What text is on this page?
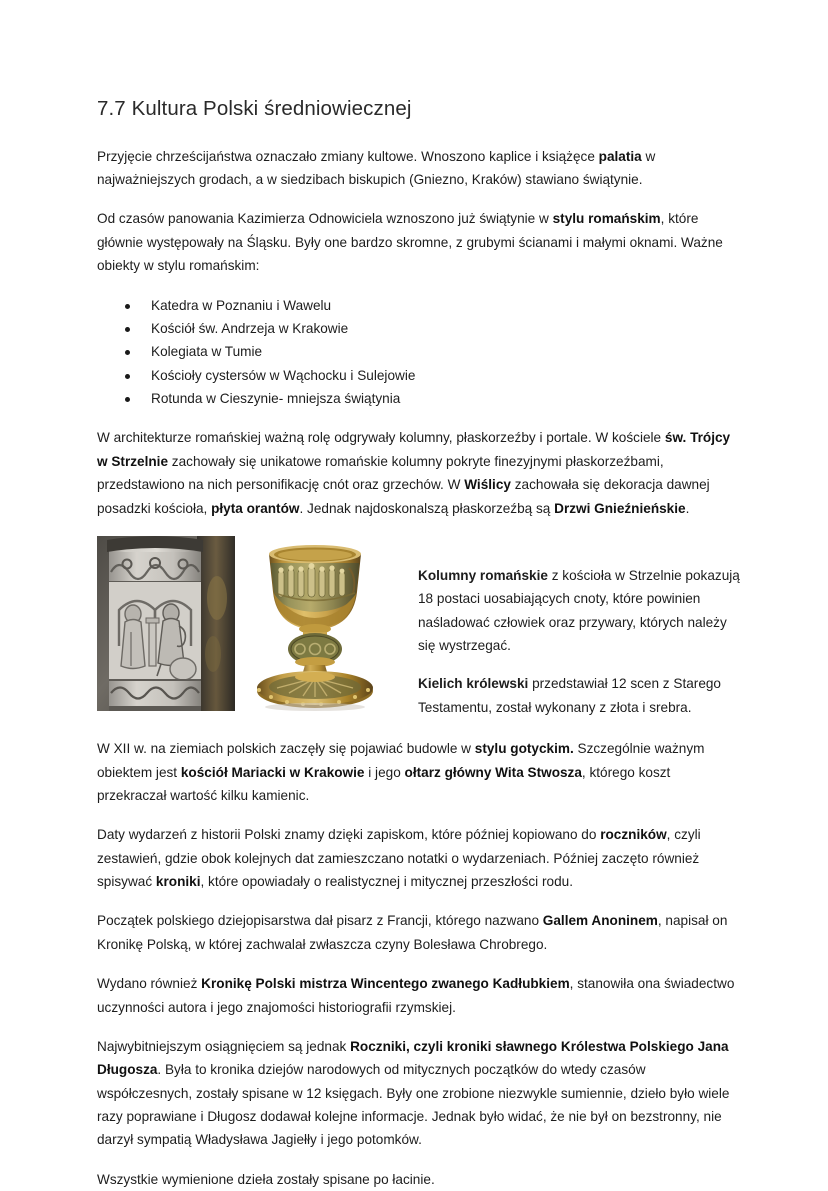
7.7 Kultura Polski średniowiecznej

Przyjęcie chrześcijaństwa oznaczało zmiany kultowe. Wnoszono kaplice i książęce palatia w najważniejszych grodach, a w siedzibach biskupich (Gniezno, Kraków) stawiano świątynie.

Od czasów panowania Kazimierza Odnowiciela wznoszono już świątynie w stylu romańskim, które głównie występowały na Śląsku. Były one bardzo skromne, z grubymi ścianami i małymi oknami. Ważne obiekty w stylu romańskim:

Katedra w Poznaniu i Wawelu
Kościół św. Andrzeja w Krakowie
Kolegiata w Tumie
Kościoły cystersów w Wąchocku i Sulejowie
Rotunda w Cieszynie- mniejsza świątynia

W architekturze romańskiej ważną rolę odgrywały kolumny, płaskorzeźby i portale. W kościele św. Trójcy w Strzelnie zachowały się unikatowe romańskie kolumny pokryte finezyjnymi płaskorzeźbami, przedstawiono na nich personifikację cnót oraz grzechów. W Wiślicy zachowała się dekoracja dawnej posadzki kościoła, płyta orantów. Jednak najdoskonalszą płaskorzeźbą są Drzwi Gnieźnieńskie.

Kolumny romańskie z kościoła w Strzelnie pokazują 18 postaci uosabiających cnoty, które powinien naśladować człowiek oraz przywary, których należy się wystrzegać.

Kielich królewski przedstawiał 12 scen z Starego Testamentu, został wykonany z złota i srebra.

W XII w. na ziemiach polskich zaczęły się pojawiać budowle w stylu gotyckim. Szczególnie ważnym obiektem jest kościół Mariacki w Krakowie i jego ołtarz główny Wita Stwosza, którego koszt przekraczał wartość kilku kamienic.

Daty wydarzeń z historii Polski znamy dzięki zapiskom, które później kopiowano do roczników, czyli zestawień, gdzie obok kolejnych dat zamieszczano notatki o wydarzeniach. Później zaczęto również spisywać kroniki, które opowiadały o realistycznej i mitycznej przeszłości rodu.

Początek polskiego dziejopisarstwa dał pisarz z Francji, którego nazwano Gallem Anoninem, napisał on Kronikę Polską, w której zachwalał zwłaszcza czyny Bolesława Chrobrego.

Wydano również Kronikę Polski mistrza Wincentego zwanego Kadłubkiem, stanowiła ona świadectwo uczynności autora i jego znajomości historiografii rzymskiej.

Najwybitniejszym osiągnięciem są jednak Roczniki, czyli kroniki sławnego Królestwa Polskiego Jana Długosza. Była to kronika dziejów narodowych od mitycznych początków do wtedy czasów współczesnych, zostały spisane w 12 księgach. Były one zrobione niezwykle sumiennie, dzieło było wiele razy poprawiane i Długosz dodawał kolejne informacje. Jednak było widać, że nie był on bezstronny, nie darzył sympatią Władysława Jagiełły i jego potomków.

Wszystkie wymienione dzieła zostały spisane po łacinie.
